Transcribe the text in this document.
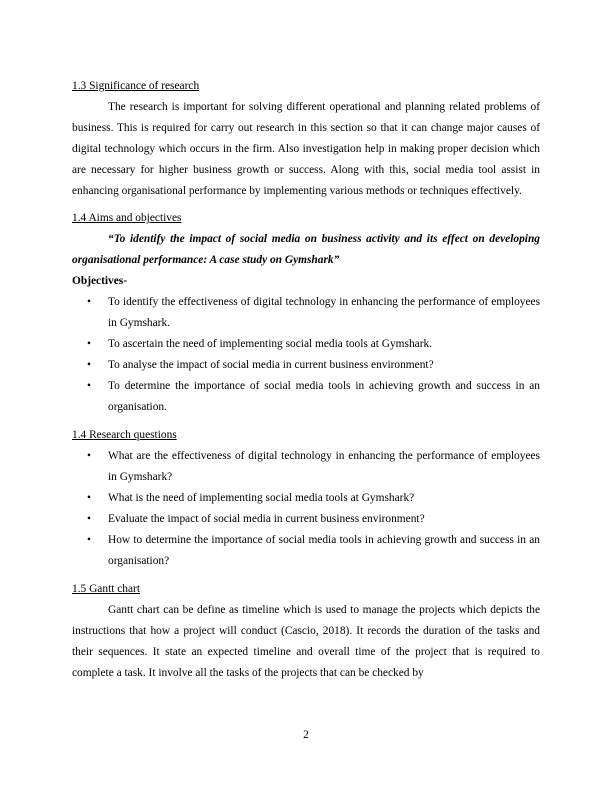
1.3 Significance of research

The research is important for solving different operational and planning related problems of business. This is required for carry out research in this section so that it can change major causes of digital technology which occurs in the firm. Also investigation help in making proper decision which are necessary for higher business growth or success. Along with this, social media tool assist in enhancing organisational performance by implementing various methods or techniques effectively.

1.4 Aims and objectives

“To identify the impact of social media on business activity and its effect on developing organisational performance: A case study on Gymshark”

Objectives-

• To identify the effectiveness of digital technology in enhancing the performance of employees in Gymshark.
• To ascertain the need of implementing social media tools at Gymshark.
• To analyse the impact of social media in current business environment?
• To determine the importance of social media tools in achieving growth and success in an organisation.

1.4 Research questions

• What are the effectiveness of digital technology in enhancing the performance of employees in Gymshark?
• What is the need of implementing social media tools at Gymshark?
• Evaluate the impact of social media in current business environment?
• How to determine the importance of social media tools in achieving growth and success in an organisation?

1.5 Gantt chart

Gantt chart can be define as timeline which is used to manage the projects which depicts the instructions that how a project will conduct (Cascio, 2018). It records the duration of the tasks and their sequences. It state an expected timeline and overall time of the project that is required to complete a task. It involve all the tasks of the projects that can be checked by

2
